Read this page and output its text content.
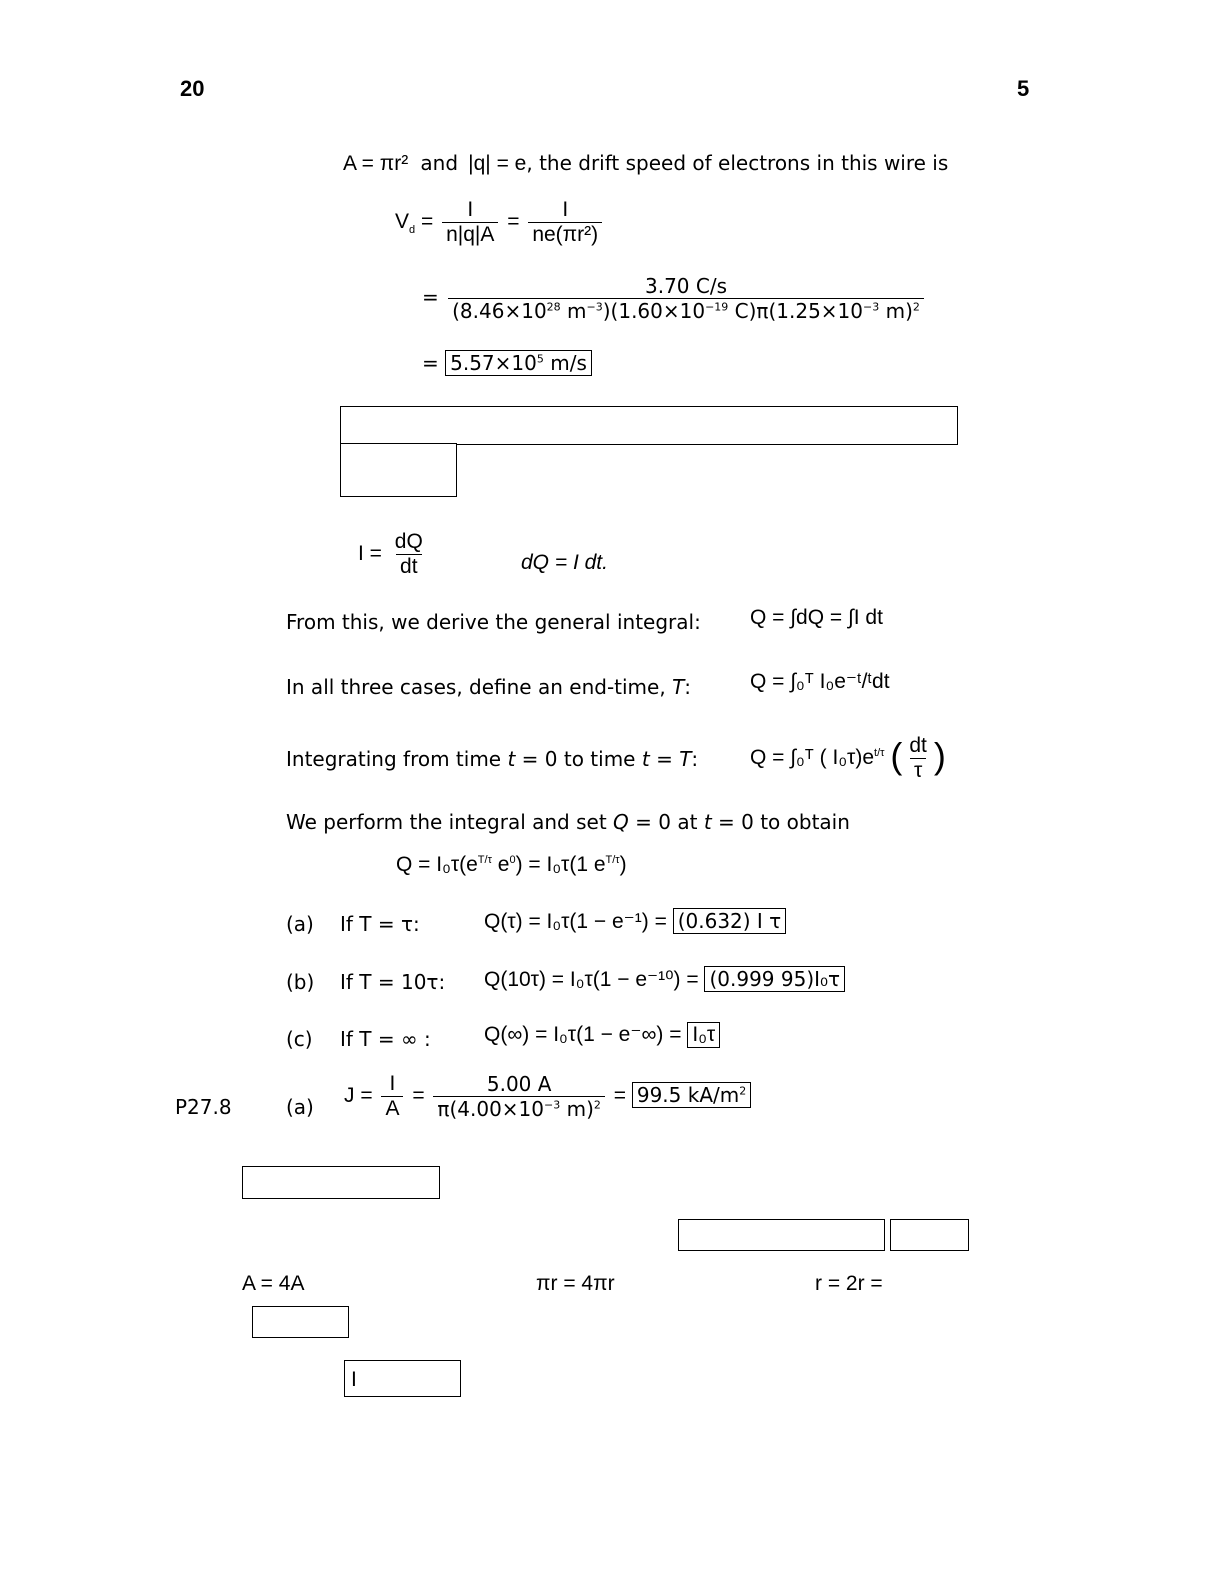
20	5
A = πr² and |q| = e, the drift speed of electrons in this wire is
$V_d = \frac{I}{n|q|A} = \frac{I}{\text{ne(πr²)}}$
= $\frac{3.70 C/s}{(8.46\times 10^{28} m^{-3})(1.60\times 10^{-19} C)\pi(1.25\times 10^{-3} m)^2}$
= $5.57\times 10^5$ m/s
$I = \frac{dQ}{dt}$	dQ = I dt.
From this, we derive the general integral: Q = ∫dQ = ∫I dt
In all three cases, define an end-time, T:	Q = ∫₀ᵀ I₀e⁻ᵗ/ᵗdt
Integrating from time t = 0 to time t = T: Q = ∫₀ᵀ ( $I_0\tau)e^{t/\tau}$ ( $\frac{dt}{\tau}$ )
We perform the integral and set Q = 0 at t = 0 to obtain
$Q = I_0\tau(e^{T/\tau}$ $e^0) = I_0\tau(1$ $e^{T/\tau}$)
(a) If T = τ:	Q(τ) = I₀τ(1 − e⁻¹) = (0.632) I τ
(b) If T = 10τ: Q(10τ) = I₀τ(1 − e⁻¹⁰) = (0.999 95)I₀τ
(c) If T = ∞ :	Q(∞) = I₀τ(1 − e⁻∞) = I₀τ
P27.8	(a) $J = \frac{I}{A} = \frac{5.00 A}{\pi(4.00\times 10^{-3} m)^2} = 99.5$ $kA/m^2$
A = 4A	πr = 4πr	r = 2r =
I
